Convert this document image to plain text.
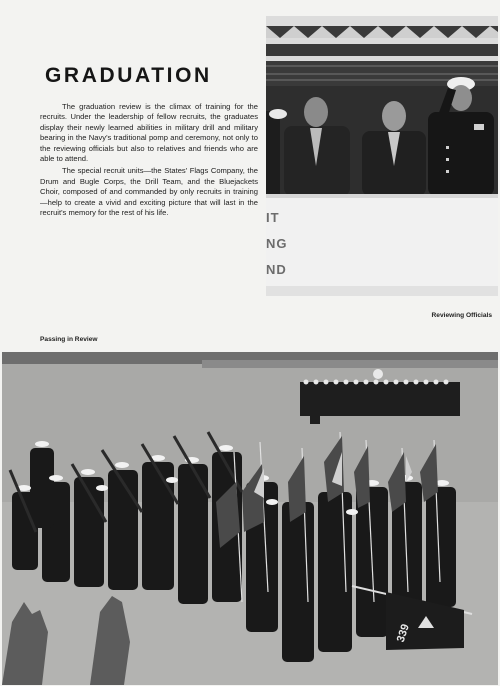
GRADUATION

The graduation review is the climax of training for the recruits. Under the leadership of fellow recruits, the graduates display their newly learned abilities in military drill and military bearing in the Navy's traditional pomp and ceremony, not only to the reviewing officials but also to relatives and friends who are able to attend.

The special recruit units—the States' Flags Company, the Drum and Bugle Corps, the Drill Team, and the Bluejackets Choir, composed of and commanded by only recruits in training—help to create a vivid and exciting picture that will last in the recruit's memory for the rest of his life.	IT
NG
ND
Reviewing Officials
Passing in Review
339
